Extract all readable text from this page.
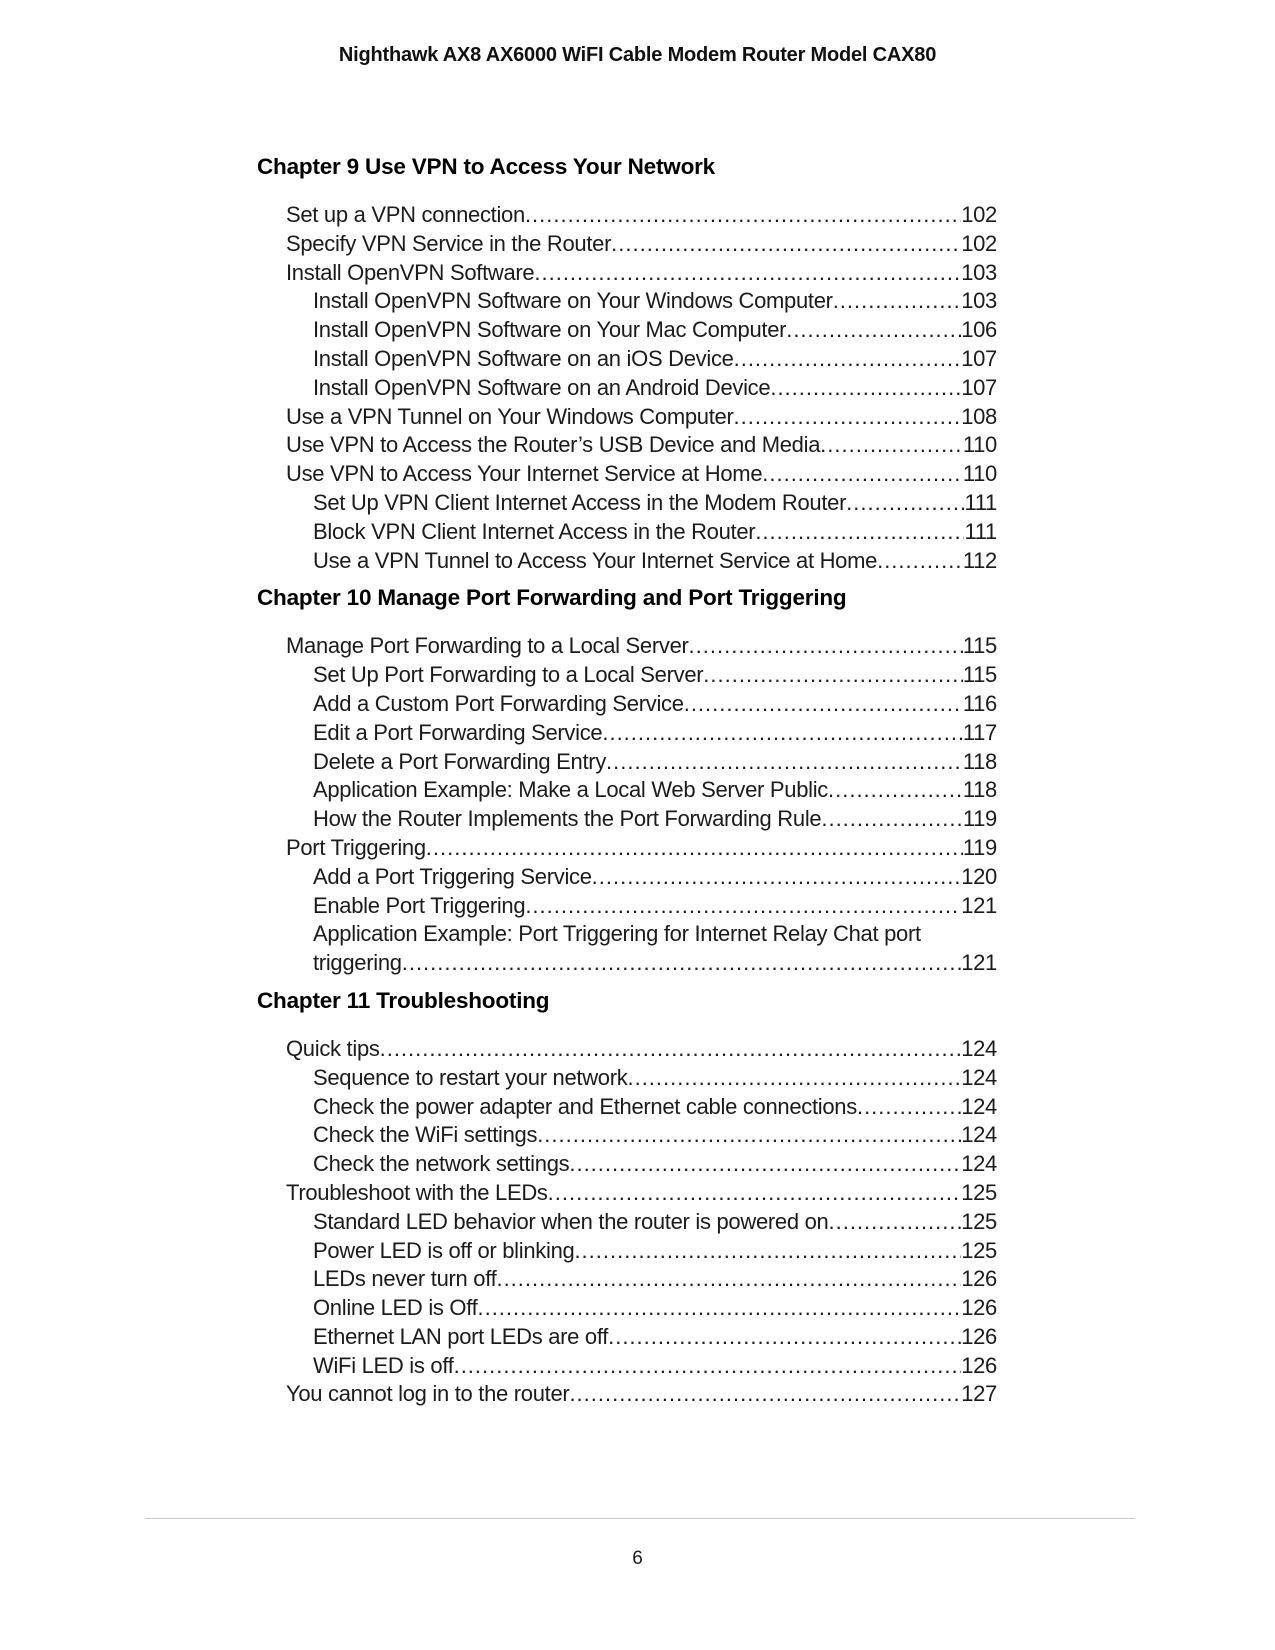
Nighthawk AX8 AX6000 WiFI Cable Modem Router Model CAX80
Chapter 9 Use VPN to Access Your Network
Set up a VPN connection .....	102
Specify VPN Service in the Router .....	102
Install OpenVPN Software .....	103
Install OpenVPN Software on Your Windows Computer .....	103
Install OpenVPN Software on Your Mac Computer .....	106
Install OpenVPN Software on an iOS Device .....	107
Install OpenVPN Software on an Android Device .....	107
Use a VPN Tunnel on Your Windows Computer .....	108
Use VPN to Access the Router’s USB Device and Media .....	110
Use VPN to Access Your Internet Service at Home .....	110
Set Up VPN Client Internet Access in the Modem Router .....	111
Block VPN Client Internet Access in the Router .....	111
Use a VPN Tunnel to Access Your Internet Service at Home .....	112
Chapter 10 Manage Port Forwarding and Port Triggering
Manage Port Forwarding to a Local Server .....	115
Set Up Port Forwarding to a Local Server .....	115
Add a Custom Port Forwarding Service .....	116
Edit a Port Forwarding Service .....	117
Delete a Port Forwarding Entry .....	118
Application Example: Make a Local Web Server Public .....	118
How the Router Implements the Port Forwarding Rule .....	119
Port Triggering .....	119
Add a Port Triggering Service .....	120
Enable Port Triggering .....	121
Application Example: Port Triggering for Internet Relay Chat port
triggering .....	121
Chapter 11 Troubleshooting
Quick tips .....	124
Sequence to restart your network .....	124
Check the power adapter and Ethernet cable connections .....	124
Check the WiFi settings .....	124
Check the network settings .....	124
Troubleshoot with the LEDs .....	125
Standard LED behavior when the router is powered on .....	125
Power LED is off or blinking .....	125
LEDs never turn off .....	126
Online LED is Off .....	126
Ethernet LAN port LEDs are off .....	126
WiFi LED is off .....	126
You cannot log in to the router .....	127
6
